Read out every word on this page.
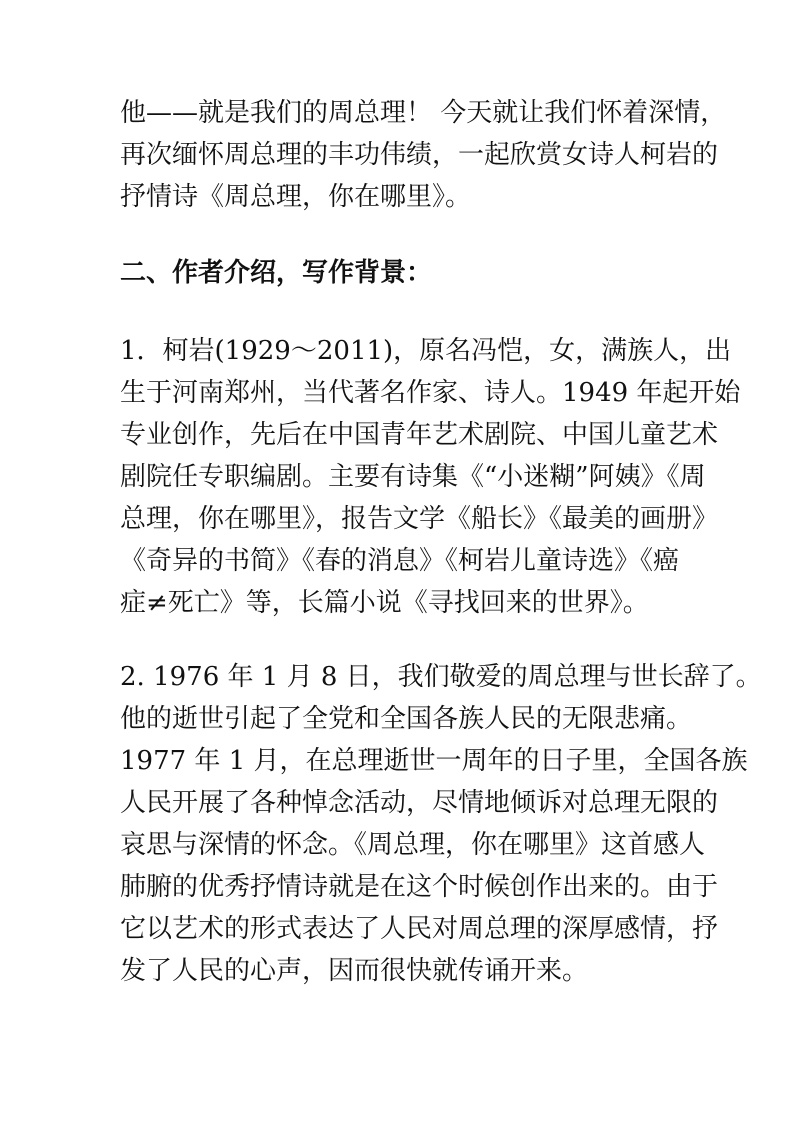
他——就是我们的周总理！ 今天就让我们怀着深情，
再次缅怀周总理的丰功伟绩，一起欣赏女诗人柯岩的
抒情诗《周总理，你在哪里》。
二、作者介绍，写作背景：
1．柯岩(1929～2011)，原名冯恺，女，满族人，出
生于河南郑州，当代著名作家、诗人。1949 年起开始
专业创作，先后在中国青年艺术剧院、中国儿童艺术
剧院任专职编剧。主要有诗集《“小迷糊”阿姨》《周
总理，你在哪里》，报告文学《船长》《最美的画册》
《奇异的书简》《春的消息》《柯岩儿童诗选》《癌
症≠死亡》等，长篇小说《寻找回来的世界》。
2. 1976 年 1 月 8 日，我们敬爱的周总理与世长辞了。
他的逝世引起了全党和全国各族人民的无限悲痛。
1977 年 1 月，在总理逝世一周年的日子里，全国各族
人民开展了各种悼念活动，尽情地倾诉对总理无限的
哀思与深情的怀念。《周总理，你在哪里》这首感人
肺腑的优秀抒情诗就是在这个时候创作出来的。由于
它以艺术的形式表达了人民对周总理的深厚感情，抒
发了人民的心声，因而很快就传诵开来。
